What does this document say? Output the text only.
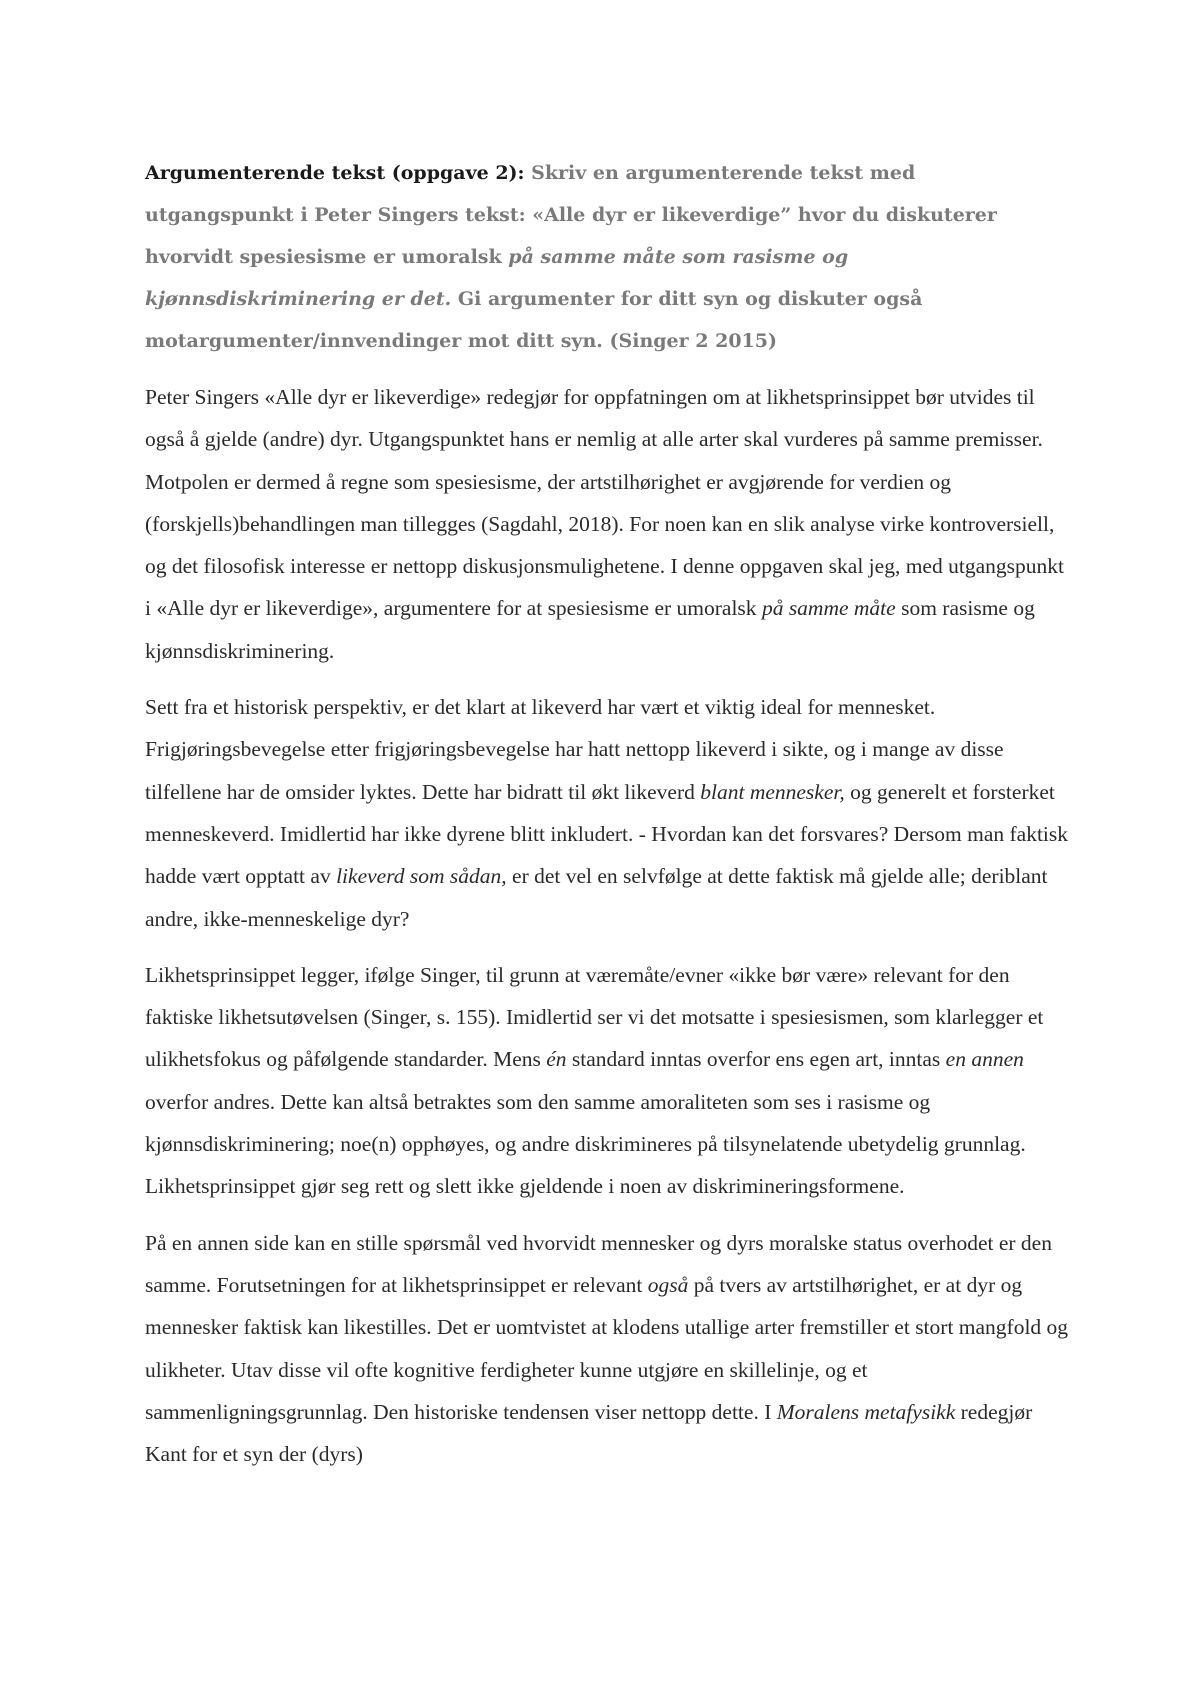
Argumenterende tekst (oppgave 2): Skriv en argumenterende tekst med utgangspunkt i Peter Singers tekst: «Alle dyr er likeverdige” hvor du diskuterer hvorvidt spesiesisme er umoralsk på samme måte som rasisme og kjønnsdiskriminering er det. Gi argumenter for ditt syn og diskuter også motargumenter/innvendinger mot ditt syn. (Singer 2 2015)

Peter Singers «Alle dyr er likeverdige» redegjør for oppfatningen om at likhetsprinsippet bør utvides til også å gjelde (andre) dyr. Utgangspunktet hans er nemlig at alle arter skal vurderes på samme premisser. Motpolen er dermed å regne som spesiesisme, der artstilhørighet er avgjørende for verdien og (forskjells)behandlingen man tillegges (Sagdahl, 2018). For noen kan en slik analyse virke kontroversiell, og det filosofisk interesse er nettopp diskusjonsmulighetene. I denne oppgaven skal jeg, med utgangspunkt i «Alle dyr er likeverdige», argumentere for at spesiesisme er umoralsk på samme måte som rasisme og kjønnsdiskriminering.

Sett fra et historisk perspektiv, er det klart at likeverd har vært et viktig ideal for mennesket. Frigjøringsbevegelse etter frigjøringsbevegelse har hatt nettopp likeverd i sikte, og i mange av disse tilfellene har de omsider lyktes. Dette har bidratt til økt likeverd blant mennesker, og generelt et forsterket menneskeverd. Imidlertid har ikke dyrene blitt inkludert. - Hvordan kan det forsvares? Dersom man faktisk hadde vært opptatt av likeverd som sådan, er det vel en selvfølge at dette faktisk må gjelde alle; deriblant andre, ikke-menneskelige dyr?

Likhetsprinsippet legger, ifølge Singer, til grunn at væremåte/evner «ikke bør være» relevant for den faktiske likhetsutøvelsen (Singer, s. 155). Imidlertid ser vi det motsatte i spesiesismen, som klarlegger et ulikhetsfokus og påfølgende standarder. Mens én standard inntas overfor ens egen art, inntas en annen overfor andres. Dette kan altså betraktes som den samme amoraliteten som ses i rasisme og kjønnsdiskriminering; noe(n) opphøyes, og andre diskrimineres på tilsynelatende ubetydelig grunnlag. Likhetsprinsippet gjør seg rett og slett ikke gjeldende i noen av diskrimineringsformene.

På en annen side kan en stille spørsmål ved hvorvidt mennesker og dyrs moralske status overhodet er den samme. Forutsetningen for at likhetsprinsippet er relevant også på tvers av artstilhørighet, er at dyr og mennesker faktisk kan likestilles. Det er uomtvistet at klodens utallige arter fremstiller et stort mangfold og ulikheter. Utav disse vil ofte kognitive ferdigheter kunne utgjøre en skillelinje, og et sammenligningsgrunnlag. Den historiske tendensen viser nettopp dette. I Moralens metafysikk redegjør Kant for et syn der (dyrs)
